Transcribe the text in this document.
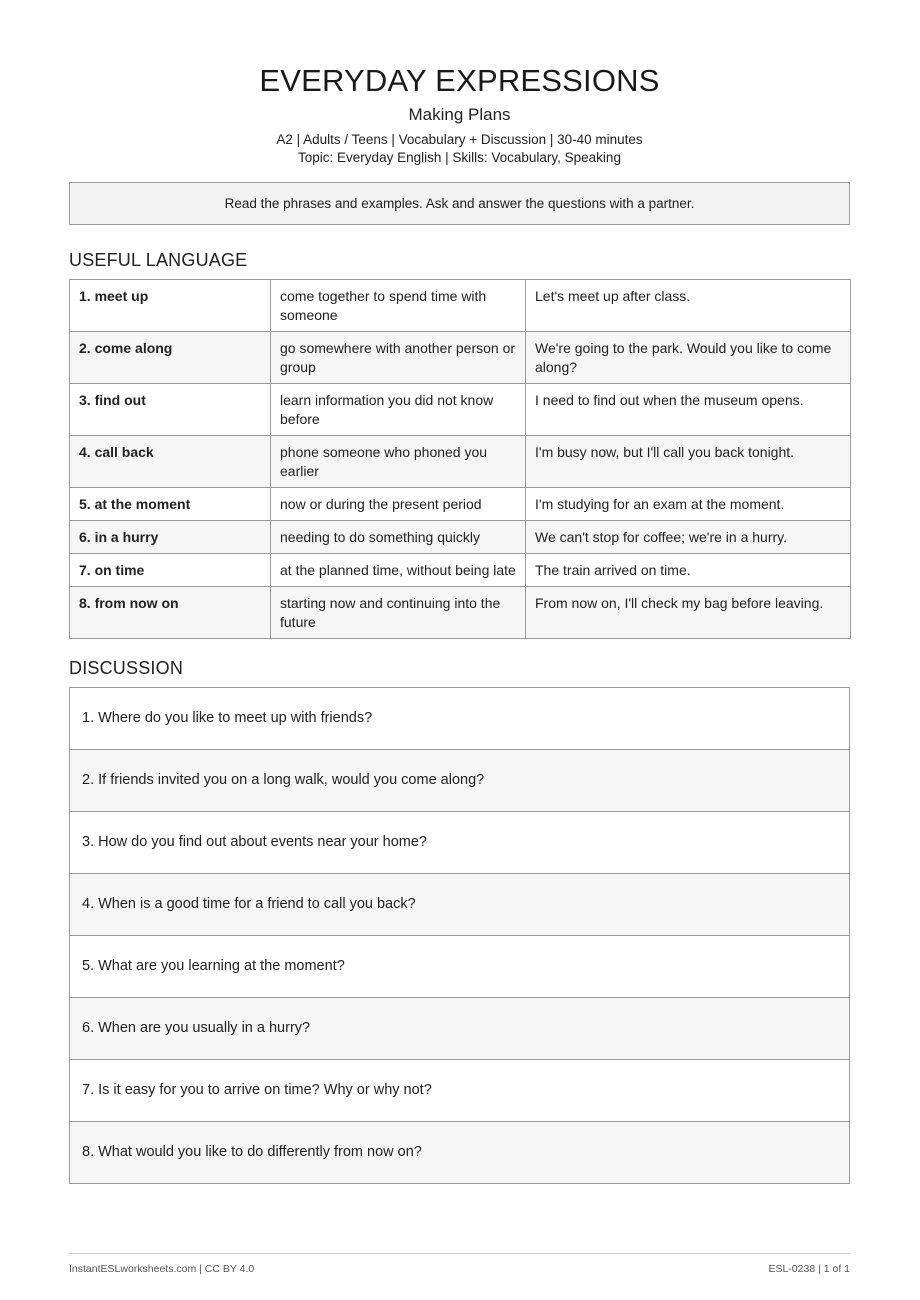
EVERYDAY EXPRESSIONS
Making Plans
A2 | Adults / Teens | Vocabulary + Discussion | 30-40 minutes
Topic: Everyday English | Skills: Vocabulary, Speaking
Read the phrases and examples. Ask and answer the questions with a partner.
USEFUL LANGUAGE
1. meet up	come together to spend time with someone	Let's meet up after class.
2. come along	go somewhere with another person or group	We're going to the park. Would you like to come along?
3. find out	learn information you did not know before	I need to find out when the museum opens.
4. call back	phone someone who phoned you earlier	I'm busy now, but I'll call you back tonight.
5. at the moment	now or during the present period	I'm studying for an exam at the moment.
6. in a hurry	needing to do something quickly	We can't stop for coffee; we're in a hurry.
7. on time	at the planned time, without being late	The train arrived on time.
8. from now on	starting now and continuing into the future	From now on, I'll check my bag before leaving.
DISCUSSION
1. Where do you like to meet up with friends?
2. If friends invited you on a long walk, would you come along?
3. How do you find out about events near your home?
4. When is a good time for a friend to call you back?
5. What are you learning at the moment?
6. When are you usually in a hurry?
7. Is it easy for you to arrive on time? Why or why not?
8. What would you like to do differently from now on?
InstantESLworksheets.com | CC BY 4.0	ESL-0238 | 1 of 1
